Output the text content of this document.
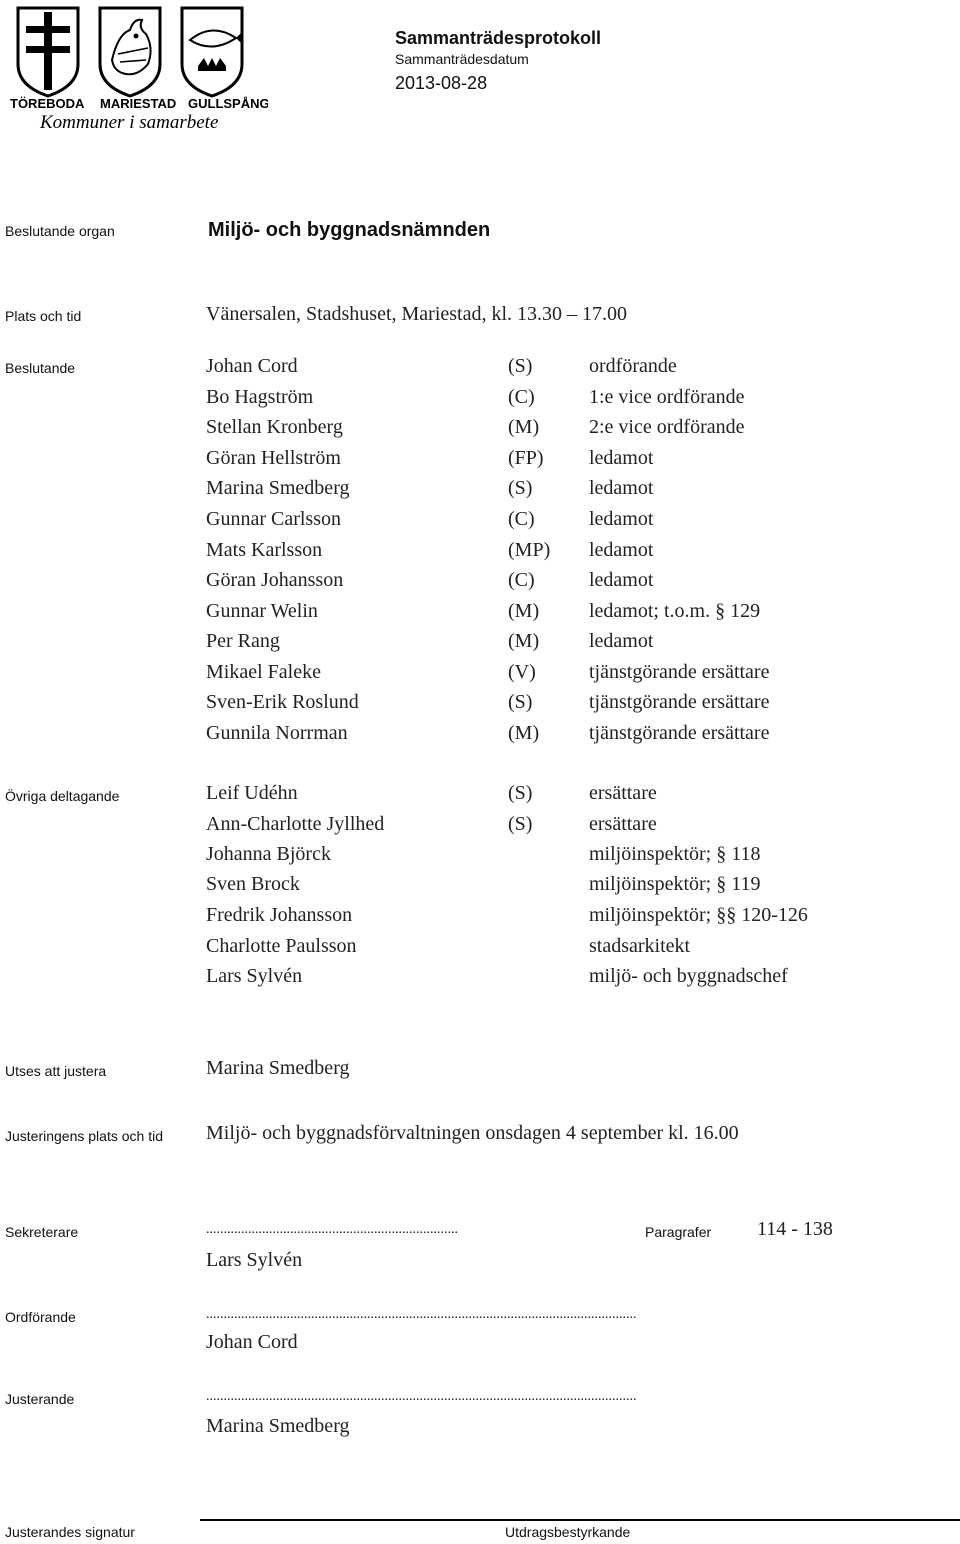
TÖREBODA MARIESTAD GULLSPÅNG
Kommuner i samarbete
Sammanträdesprotokoll
Sammanträdesdatum
2013-08-28
Beslutande organ	Miljö- och byggnadsnämnden
Plats och tid	Vänersalen, Stadshuset, Mariestad, kl. 13.30 – 17.00
Beslutande	Johan Cord	(S)	ordförande
Bo Hagström	(C)	1:e vice ordförande
Stellan Kronberg	(M) 2:e vice ordförande
Göran Hellström	(FP) ledamot
Marina Smedberg	(S)	ledamot
Gunnar Carlsson	(C)	ledamot
Mats Karlsson	(MP) ledamot
Göran Johansson	(C)	ledamot
Gunnar Welin	(M) ledamot; t.o.m. § 129
Per Rang	(M) ledamot
Mikael Faleke	(V)	tjänstgörande ersättare
Sven-Erik Roslund	(S)	tjänstgörande ersättare
Gunnila Norrman	(M) tjänstgörande ersättare
Övriga deltagande	Leif Udéhn	(S)	ersättare
Ann-Charlotte Jyllhed	(S)	ersättare
Johanna Björck	miljöinspektör; § 118
Sven Brock	miljöinspektör; § 119
Fredrik Johansson	miljöinspektör; §§ 120-126
Charlotte Paulsson	stadsarkitekt
Lars Sylvén	miljö- och byggnadschef
Utses att justera	Marina Smedberg
Justeringens plats och tid Miljö- och byggnadsförvaltningen onsdagen 4 september kl. 16.00
Sekreterare	........................................................................	Paragrafer 114 - 138
Lars Sylvén
Ordförande	...........................................................................................................................
Johan Cord
Justerande	...........................................................................................................................
Marina Smedberg
Justerandes signatur	Utdragsbestyrkande
